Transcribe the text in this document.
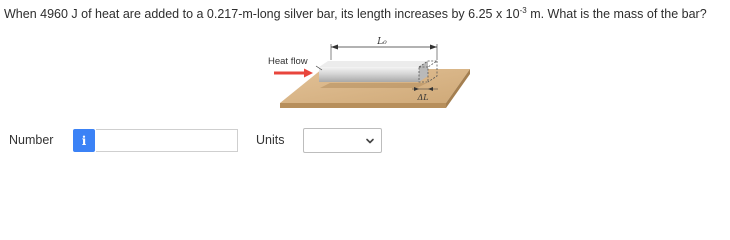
When 4960 J of heat are added to a 0.217-m-long silver bar, its length increases by 6.25 x $10^{-3}$ m. What is the mass of the bar?
L₀
Heat flow
ΔL
Number i	Units
